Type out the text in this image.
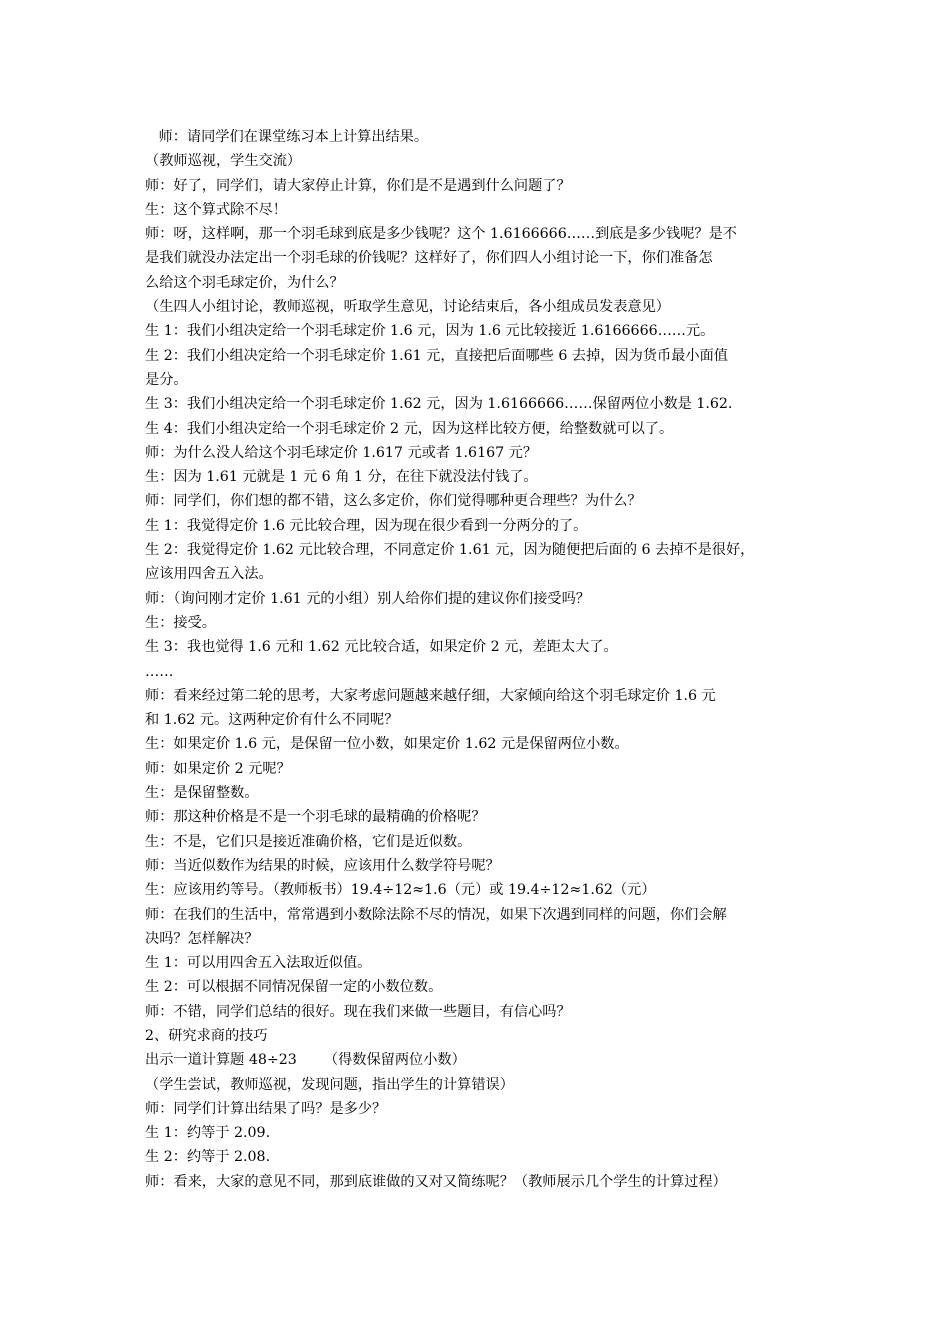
师：请同学们在课堂练习本上计算出结果。
（教师巡视，学生交流）
师：好了，同学们，请大家停止计算，你们是不是遇到什么问题了？
生：这个算式除不尽！
师：呀，这样啊，那一个羽毛球到底是多少钱呢？这个 1.6166666……到底是多少钱呢？是不
是我们就没办法定出一个羽毛球的价钱呢？这样好了，你们四人小组讨论一下，你们准备怎
么给这个羽毛球定价，为什么？
（生四人小组讨论，教师巡视，听取学生意见，讨论结束后，各小组成员发表意见）
生 1：我们小组决定给一个羽毛球定价 1.6 元，因为 1.6 元比较接近 1.6166666……元。
生 2：我们小组决定给一个羽毛球定价 1.61 元，直接把后面哪些 6 去掉，因为货币最小面值
是分。
生 3：我们小组决定给一个羽毛球定价 1.62 元，因为 1.6166666……保留两位小数是 1.62.
生 4：我们小组决定给一个羽毛球定价 2 元，因为这样比较方便，给整数就可以了。
师：为什么没人给这个羽毛球定价 1.617 元或者 1.6167 元？
生：因为 1.61 元就是 1 元 6 角 1 分，在往下就没法付钱了。
师：同学们，你们想的都不错，这么多定价，你们觉得哪种更合理些？为什么？
生 1：我觉得定价 1.6 元比较合理，因为现在很少看到一分两分的了。
生 2：我觉得定价 1.62 元比较合理，不同意定价 1.61 元，因为随便把后面的 6 去掉不是很好，
应该用四舍五入法。
师：（询问刚才定价 1.61 元的小组）别人给你们提的建议你们接受吗？
生：接受。
生 3：我也觉得 1.6 元和 1.62 元比较合适，如果定价 2 元，差距太大了。
……
师：看来经过第二轮的思考，大家考虑问题越来越仔细，大家倾向给这个羽毛球定价 1.6 元
和 1.62 元。这两种定价有什么不同呢？
生：如果定价 1.6 元，是保留一位小数，如果定价 1.62 元是保留两位小数。
师：如果定价 2 元呢？
生：是保留整数。
师：那这种价格是不是一个羽毛球的最精确的价格呢？
生：不是，它们只是接近准确价格，它们是近似数。
师：当近似数作为结果的时候，应该用什么数学符号呢？
生：应该用约等号。（教师板书）19.4÷12≈1.6（元）或 19.4÷12≈1.62（元）
师：在我们的生活中，常常遇到小数除法除不尽的情况，如果下次遇到同样的问题，你们会解
决吗？怎样解决？
生 1：可以用四舍五入法取近似值。
生 2：可以根据不同情况保留一定的小数位数。
师：不错，同学们总结的很好。现在我们来做一些题目，有信心吗？
2、研究求商的技巧
出示一道计算题 48÷23      （得数保留两位小数）
（学生尝试，教师巡视，发现问题，指出学生的计算错误）
师：同学们计算出结果了吗？是多少？
生 1：约等于 2.09.
生 2：约等于 2.08.
师：看来，大家的意见不同，那到底谁做的又对又简练呢？（教师展示几个学生的计算过程）
